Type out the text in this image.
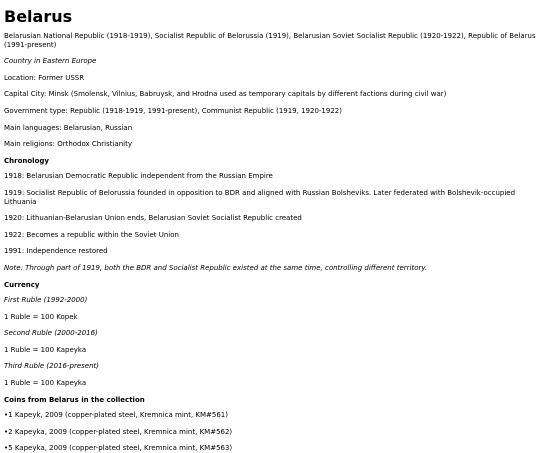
Belarus

Belarusian National Republic (1918-1919), Socialist Republic of Belorussia (1919), Belarusian Soviet Socialist Republic (1920-1922), Republic of Belarus (1991-present)

Country in Eastern Europe

Location: Former USSR

Capital City: Minsk (Smolensk, Vilnius, Babruysk, and Hrodna used as temporary capitals by different factions during civil war)

Government type: Republic (1918-1919, 1991-present), Communist Republic (1919, 1920-1922)

Main languages: Belarusian, Russian

Main religions: Orthodox Christianity

Chronology

1918: Belarusian Democratic Republic independent from the Russian Empire

1919: Socialist Republic of Belorussia founded in opposition to BDR and aligned with Russian Bolsheviks. Later federated with Bolshevik-occupied Lithuania

1920: Lithuanian-Belarusian Union ends, Belarusian Soviet Socialist Republic created

1922: Becomes a republic within the Soviet Union

1991: Independence restored

Note: Through part of 1919, both the BDR and Socialist Republic existed at the same time, controlling different territory.

Currency

First Ruble (1992-2000)

1 Ruble = 100 Kopek

Second Ruble (2000-2016)

1 Ruble = 100 Kapeyka

Third Ruble (2016-present)

1 Ruble = 100 Kapeyka

Coins from Belarus in the collection
• 1 Kapeyk, 2009 (copper-plated steel, Kremnica mint, KM#561)
• 2 Kapeyka, 2009 (copper-plated steel, Kremnica mint, KM#562)
• 5 Kapeyka, 2009 (copper-plated steel, Kremnica mint, KM#563)
